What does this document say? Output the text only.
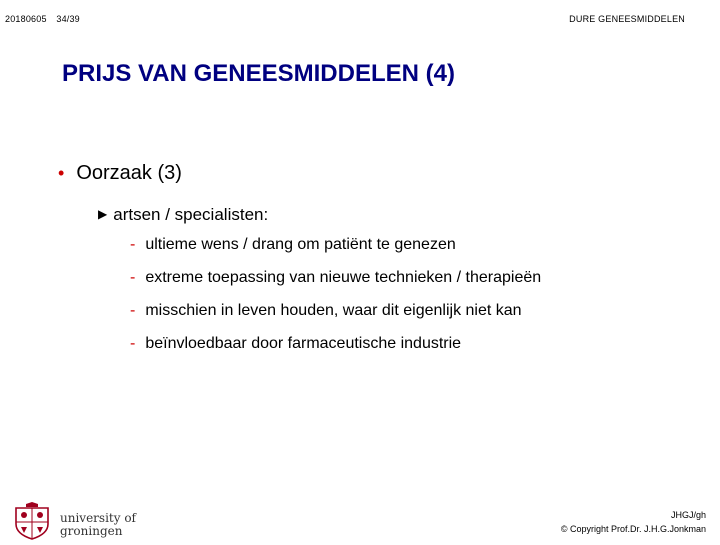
20180605 34/39	DURE GENEESMIDDELEN
PRIJS VAN GENEESMIDDELEN (4)
• Oorzaak (3)
▶ artsen / specialisten:
- ultieme wens / drang om patiënt te genezen
- extreme toepassing van nieuwe technieken / therapieën
- misschien in leven houden, waar dit eigenlijk niet kan
- beïnvloedbaar door farmaceutische industrie
university of
groningen
JHGJ/gh
© Copyright Prof.Dr. J.H.G.Jonkman
